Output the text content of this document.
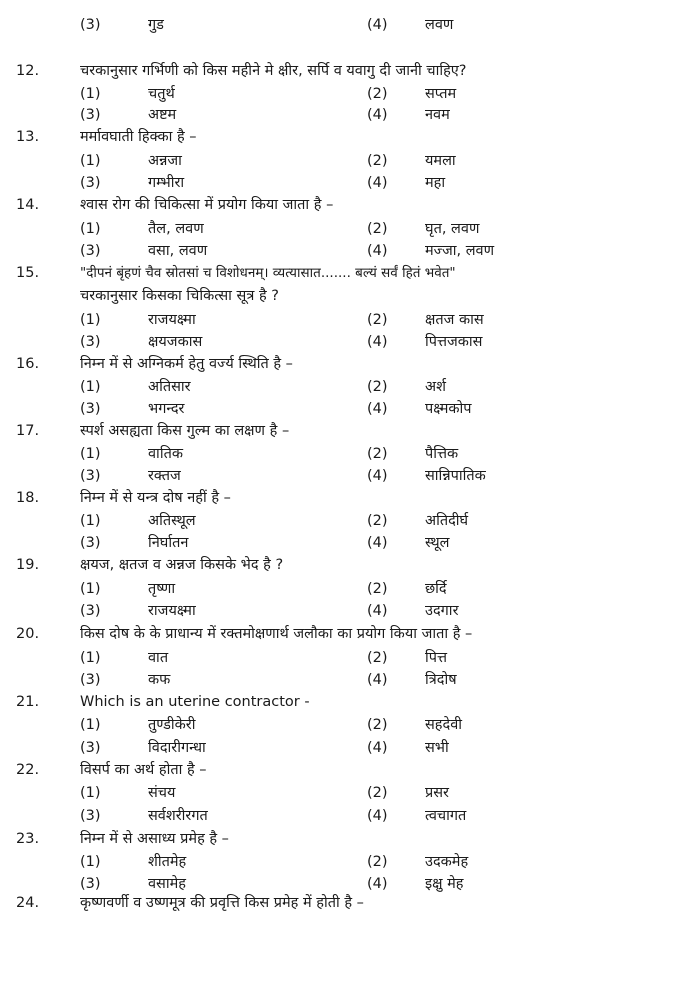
(3)	गुड	(4)	लवण
12.	चरकानुसार गर्भिणी को किस महीने मे क्षीर, सर्पि व यवागु दी जानी चाहिए?
(1)	चतुर्थ	(2)	सप्तम
(3)	अष्टम	(4)	नवम
13.	मर्मावघाती हिक्का है –
(1)	अन्नजा	(2)	यमला
(3)	गम्भीरा	(4)	महा
14.	श्वास रोग की चिकित्सा में प्रयोग किया जाता है –
(1)	तैल, लवण	(2)	घृत, लवण
(3)	वसा, लवण	(4)	मज्जा, लवण
15.	"दीपनं बृंहणं चैव स्रोतसां च विशोधनम्। व्यत्यासात....... बल्यं सर्वं हितं भवेत"
चरकानुसार किसका चिकित्सा सूत्र है ?
(1)	राजयक्ष्मा	(2)	क्षतज कास
(3)	क्षयजकास	(4)	पित्तजकास
16.	निम्न में से अग्निकर्म हेतु वर्ज्य स्थिति है –
(1)	अतिसार	(2)	अर्श
(3)	भगन्दर	(4)	पक्ष्मकोप
17.	स्पर्श असह्यता किस गुल्म का लक्षण है –
(1)	वातिक	(2)	पैत्तिक
(3)	रक्तज	(4)	सान्निपातिक
18.	निम्न में से यन्त्र दोष नहीं है –
(1)	अतिस्थूल	(2)	अतिदीर्घ
(3)	निर्घातन	(4)	स्थूल
19.	क्षयज, क्षतज व अन्नज किसके भेद है ?
(1)	तृष्णा	(2)	छर्दि
(3)	राजयक्ष्मा	(4)	उदगार
20.	किस दोष के के प्राधान्य में रक्तमोक्षणार्थ जलौका का प्रयोग किया जाता है –
(1)	वात	(2)	पित्त
(3)	कफ	(4)	त्रिदोष
21.	Which is an uterine contractor -
(1)	तुण्डीकेरी	(2)	सहदेवी
(3)	विदारीगन्धा	(4)	सभी
22.	विसर्प का अर्थ होता है –
(1)	संचय	(2)	प्रसर
(3)	सर्वशरीरगत	(4)	त्वचागत
23.	निम्न में से असाध्य प्रमेह है –
(1)	शीतमेह	(2)	उदकमेह
(3)	वसामेह	(4)	इक्षु मेह
24.	कृष्णवर्णी व उष्णमूत्र की प्रवृत्ति किस प्रमेह में होती है –
